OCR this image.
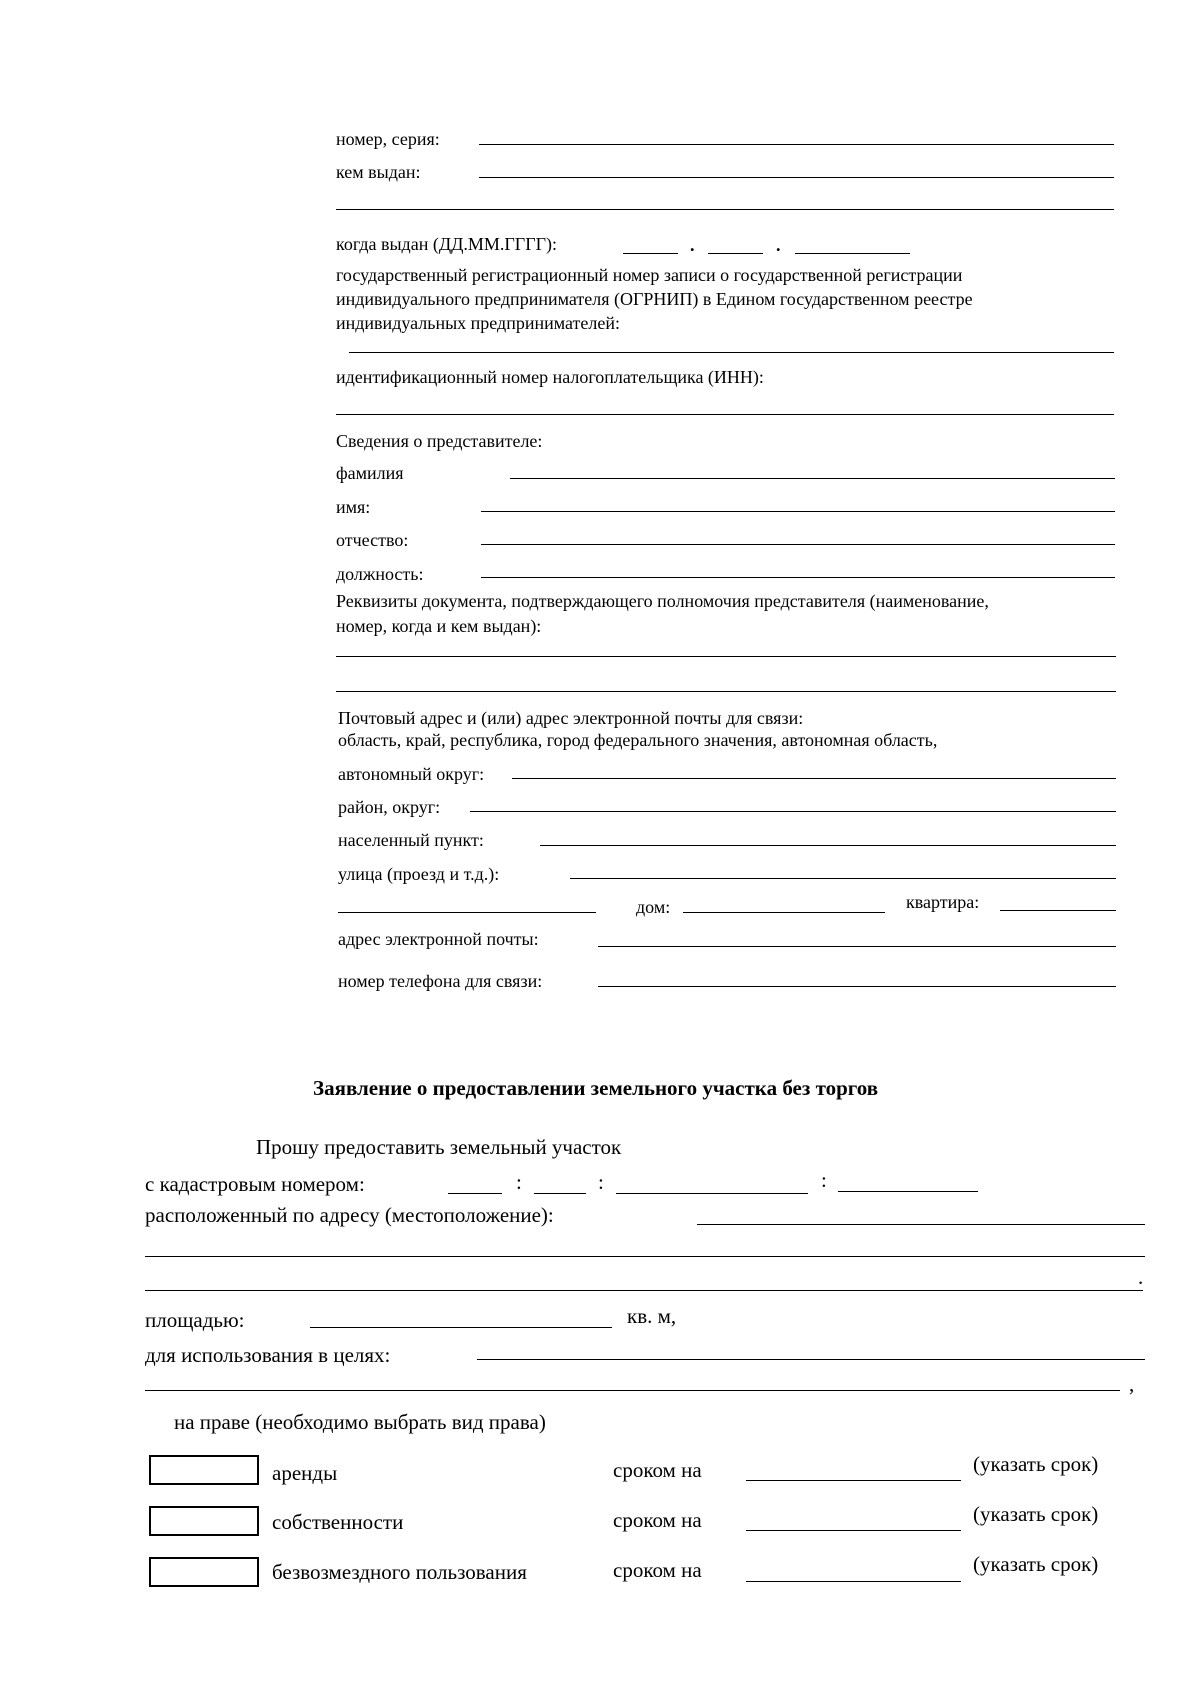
номер, серия:
кем выдан:
когда выдан (ДД.ММ.ГГГГ):	.	.
государственный регистрационный номер записи о государственной регистрации
индивидуального предпринимателя (ОГРНИП) в Едином государственном реестре
индивидуальных предпринимателей:
идентификационный номер налогоплательщика (ИНН):
Сведения о представителе:
фамилия
имя:
отчество:
должность:
Реквизиты документа, подтверждающего полномочия представителя (наименование,
номер, когда и кем выдан):
Почтовый адрес и (или) адрес электронной почты для связи:
область, край, республика, город федерального значения, автономная область,
автономный округ:
район, округ:
населенный пункт:
улица (проезд и т.д.):
дом:	квартира:
адрес электронной почты:
номер телефона для связи:
Заявление о предоставлении земельного участка без торгов
Прошу предоставить земельный участок
с кадастровым номером:	:	:	:
расположенный по адресу (местоположение):
.
площадью:	кв. м,
для использования в целях:
,
на праве (необходимо выбрать вид права)
аренды	сроком на	(указать срок)
собственности	сроком на	(указать срок)
безвозмездного пользования	сроком на	(указать срок)
